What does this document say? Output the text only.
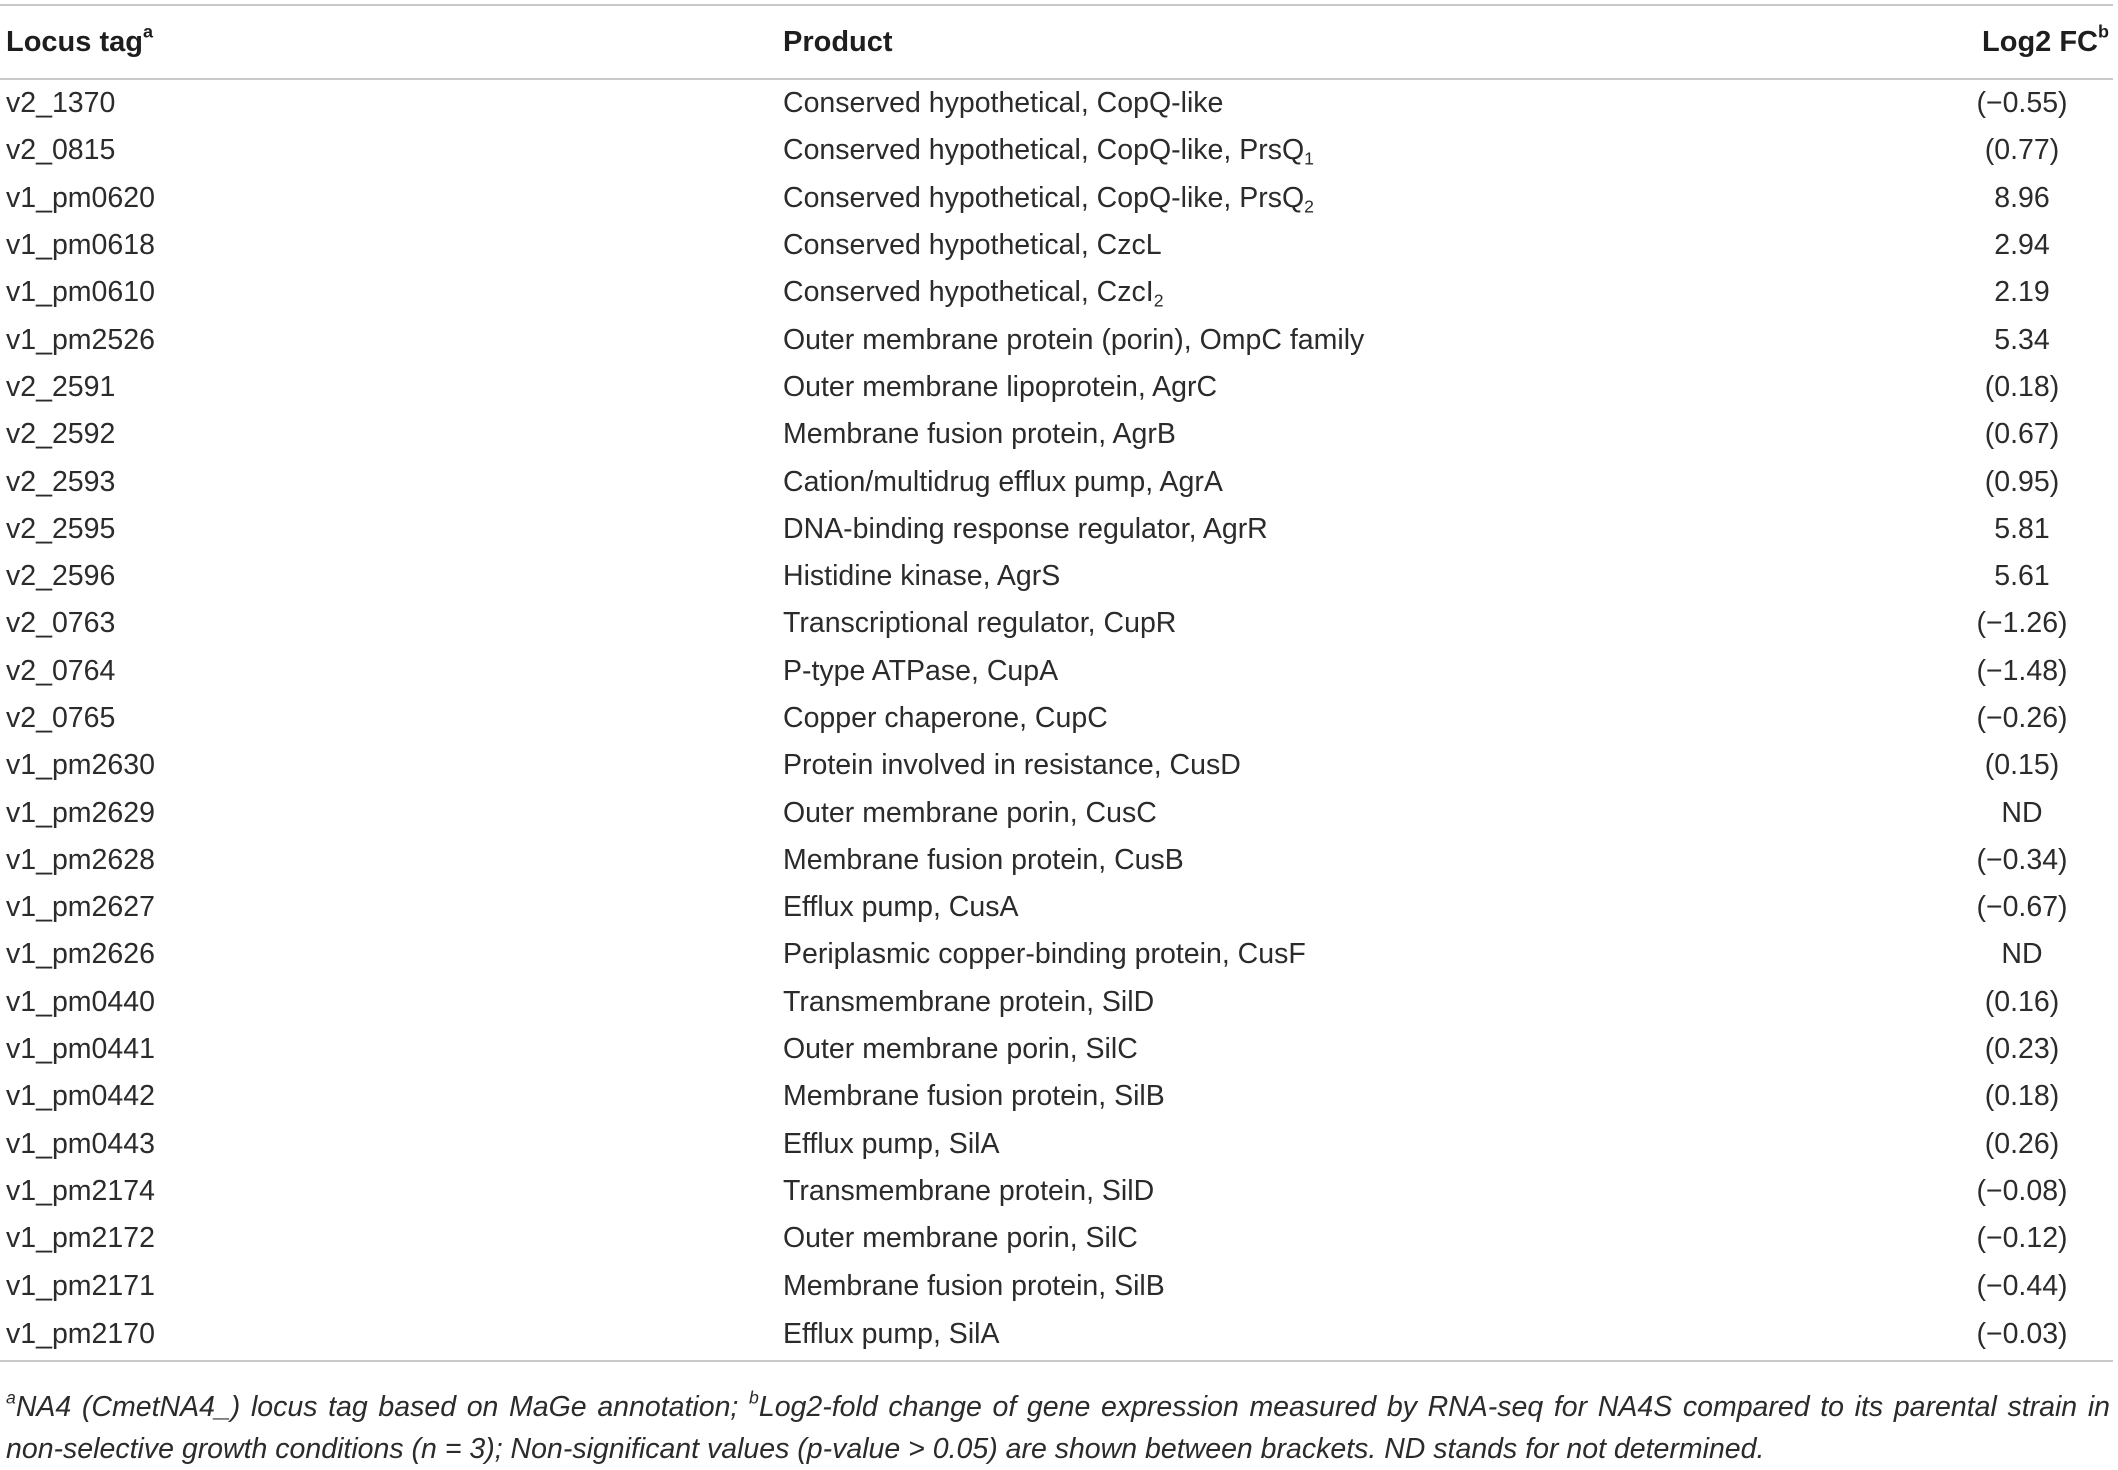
Locus tag$^a$	Product	Log2 $FC^b$
v2_1370	Conserved hypothetical, CopQ-like	(−0.55)
v2_0815	Conserved hypothetical, CopQ-like, PrsQ$_1$	(0.77)
v1_pm0620	Conserved hypothetical, CopQ-like, PrsQ$_2$	8.96
v1_pm0618	Conserved hypothetical, CzcL	2.94
v1_pm0610	Conserved hypothetical, CzcI$_2$	2.19
v1_pm2526	Outer membrane protein (porin), OmpC family	5.34
v2_2591	Outer membrane lipoprotein, AgrC	(0.18)
v2_2592	Membrane fusion protein, AgrB	(0.67)
v2_2593	Cation/multidrug efflux pump, AgrA	(0.95)
v2_2595	DNA-binding response regulator, AgrR	5.81
v2_2596	Histidine kinase, AgrS	5.61
v2_0763	Transcriptional regulator, CupR	(−1.26)
v2_0764	P-type ATPase, CupA	(−1.48)
v2_0765	Copper chaperone, CupC	(−0.26)
v1_pm2630	Protein involved in resistance, CusD	(0.15)
v1_pm2629	Outer membrane porin, CusC	ND
v1_pm2628	Membrane fusion protein, CusB	(−0.34)
v1_pm2627	Efflux pump, CusA	(−0.67)
v1_pm2626	Periplasmic copper-binding protein, CusF	ND
v1_pm0440	Transmembrane protein, SilD	(0.16)
v1_pm0441	Outer membrane porin, SilC	(0.23)
v1_pm0442	Membrane fusion protein, SilB	(0.18)
v1_pm0443	Efflux pump, SilA	(0.26)
v1_pm2174	Transmembrane protein, SilD	(−0.08)
v1_pm2172	Outer membrane porin, SilC	(−0.12)
v1_pm2171	Membrane fusion protein, SilB	(−0.44)
v1_pm2170	Efflux pump, SilA	(−0.03)
$^a$NA4 (CmetNA4_) locus tag based on MaGe annotation; $^b$Log2-fold change of gene expression measured by RNA-seq for NA4S compared to its parental strain in non-selective growth conditions (n = 3); Non-significant values (p-value > 0.05) are shown between brackets. ND stands for not determined.
